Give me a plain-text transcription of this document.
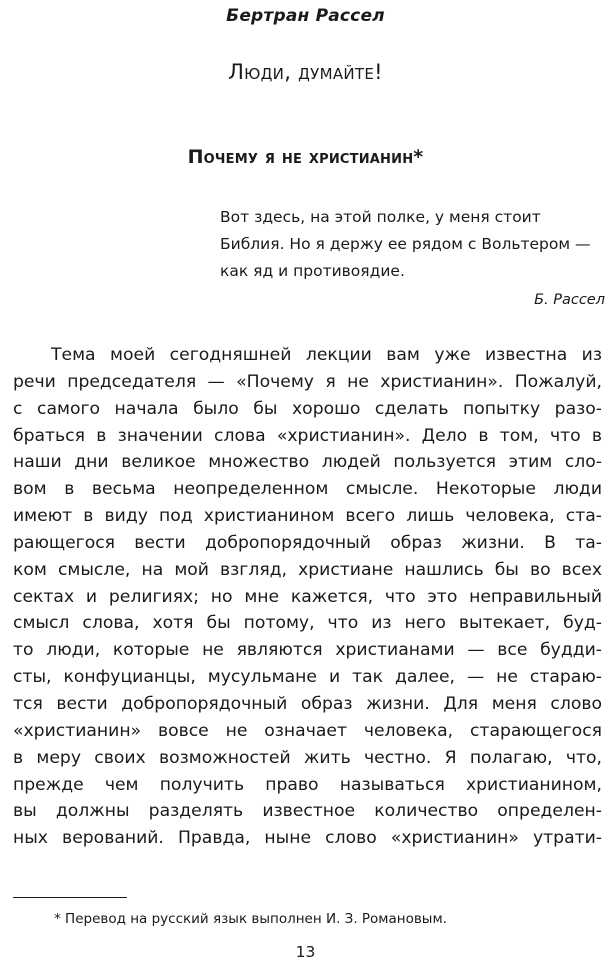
Бертран Рассел
Люди, думайте!
Почему я не христианин*
Вот здесь, на этой полке, у меня стоит
Библия. Но я держу ее рядом с Вольтером —
как яд и противоядие.
Б. Рассел
Тема моей сегодняшней лекции вам уже известна из
речи председателя — «Почему я не христианин». Пожалуй,
с самого начала было бы хорошо сделать попытку разо-
браться в значении слова «христианин». Дело в том, что в
наши дни великое множество людей пользуется этим сло-
вом в весьма неопределенном смысле. Некоторые люди
имеют в виду под христианином всего лишь человека, ста-
рающегося вести добропорядочный образ жизни. В та-
ком смысле, на мой взгляд, христиане нашлись бы во всех
сектах и религиях; но мне кажется, что это неправильный
смысл слова, хотя бы потому, что из него вытекает, буд-
то люди, которые не являются христианами — все будди-
сты, конфуцианцы, мусульмане и так далее, — не стараю-
тся вести добропорядочный образ жизни. Для меня слово
«христианин» вовсе не означает человека, старающегося
в меру своих возможностей жить честно. Я полагаю, что,
прежде чем получить право называться христианином,
вы должны разделять известное количество определен-
ных верований. Правда, ныне слово «христианин» утрати-
* Перевод на русский язык выполнен И. З. Романовым.
13
